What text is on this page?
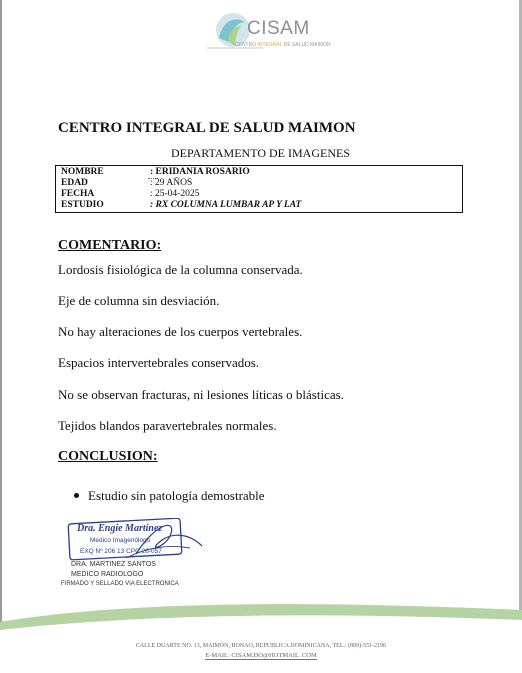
CISAM
CENTRO INTEGRAL DE SALUD MAIMON
CENTRO INTEGRAL DE SALUD MAIMON
DEPARTAMENTO DE IMAGENES
NOMBRE	: ERIDANIA ROSARIO
EDAD	: 29 AÑOS
FECHA	: 25-04-2025
ESTUDIO	: RX COLUMNA LUMBAR AP Y LAT
COMENTARIO:
Lordosis fisiológica de la columna conservada.
Eje de columna sin desviación.
No hay alteraciones de los cuerpos vertebrales.
Espacios intervertebrales conservados.
No se observan fracturas, ni lesiones líticas o blásticas.
Tejidos blandos paravertebrales normales.
CONCLUSION:
Estudio sin patología demostrable
Dra. Engie Martinez
Medico Imagenólogo
EXQ Nº 206 13 CPC 26-057
DRA. MARTINEZ SANTOS
MEDICO RADIOLOGO
FIRMADO Y SELLADO VIA ELECTRONICA
CALLE DUARTE NO. 13, MAIMÓN, BONAO, REPUBLICA DOMINICANA, TEL.: (809)-551-2196
E-MAIL: CISAM.DO@HOTMAIL .COM
